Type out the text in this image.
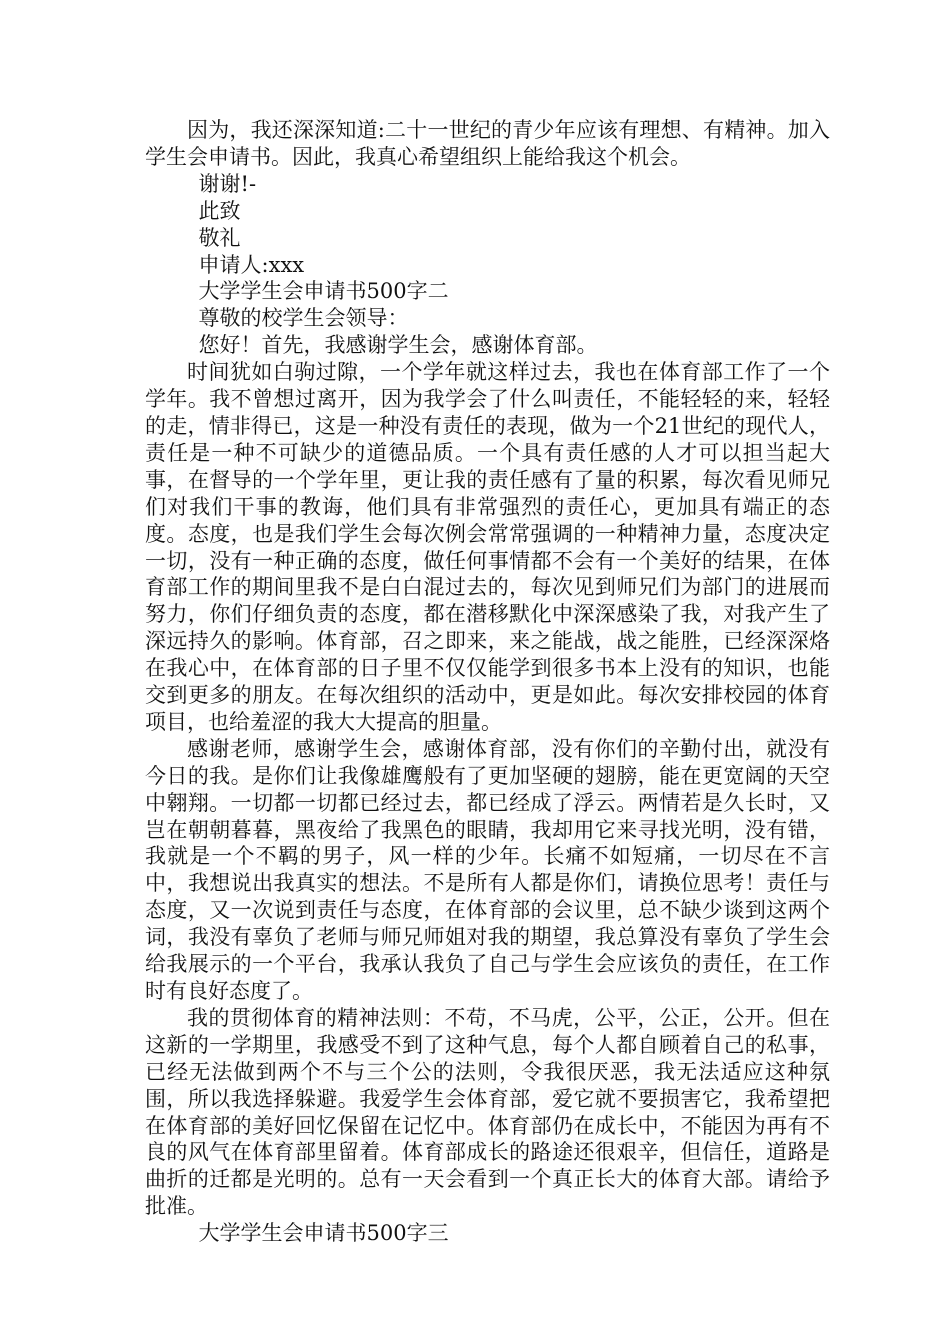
因为，我还深深知道:二十一世纪的青少年应该有理想、有精神。加入学生会申请书。因此，我真心希望组织上能给我这个机会。

谢谢!-

此致

敬礼

申请人:xxx

大学学生会申请书500字二

尊敬的校学生会领导：

您好！首先，我感谢学生会，感谢体育部。

时间犹如白驹过隙，一个学年就这样过去，我也在体育部工作了一个学年。我不曾想过离开，因为我学会了什么叫责任，不能轻轻的来，轻轻的走，情非得已，这是一种没有责任的表现，做为一个21世纪的现代人，责任是一种不可缺少的道德品质。一个具有责任感的人才可以担当起大事，在督导的一个学年里，更让我的责任感有了量的积累，每次看见师兄们对我们干事的教诲，他们具有非常强烈的责任心，更加具有端正的态度。态度，也是我们学生会每次例会常常强调的一种精神力量，态度决定一切，没有一种正确的态度，做任何事情都不会有一个美好的结果，在体育部工作的期间里我不是白白混过去的，每次见到师兄们为部门的进展而努力，你们仔细负责的态度，都在潜移默化中深深感染了我，对我产生了深远持久的影响。体育部，召之即来，来之能战，战之能胜，已经深深烙在我心中，在体育部的日子里不仅仅能学到很多书本上没有的知识，也能交到更多的朋友。在每次组织的活动中，更是如此。每次安排校园的体育项目，也给羞涩的我大大提高的胆量。

感谢老师，感谢学生会，感谢体育部，没有你们的辛勤付出，就没有今日的我。是你们让我像雄鹰般有了更加坚硬的翅膀，能在更宽阔的天空中翱翔。一切都一切都已经过去，都已经成了浮云。两情若是久长时，又岂在朝朝暮暮，黑夜给了我黑色的眼睛，我却用它来寻找光明，没有错，我就是一个不羁的男子，风一样的少年。长痛不如短痛，一切尽在不言中，我想说出我真实的想法。不是所有人都是你们，请换位思考！责任与态度，又一次说到责任与态度，在体育部的会议里，总不缺少谈到这两个词，我没有辜负了老师与师兄师姐对我的期望，我总算没有辜负了学生会给我展示的一个平台，我承认我负了自己与学生会应该负的责任，在工作时有良好态度了。

我的贯彻体育的精神法则：不苟，不马虎，公平，公正，公开。但在这新的一学期里，我感受不到了这种气息，每个人都自顾着自己的私事，已经无法做到两个不与三个公的法则，令我很厌恶，我无法适应这种氛围，所以我选择躲避。我爱学生会体育部，爱它就不要损害它，我希望把在体育部的美好回忆保留在记忆中。体育部仍在成长中，不能因为再有不良的风气在体育部里留着。体育部成长的路途还很艰辛，但信任，道路是曲折的迁都是光明的。总有一天会看到一个真正长大的体育大部。请给予批准。

大学学生会申请书500字三
